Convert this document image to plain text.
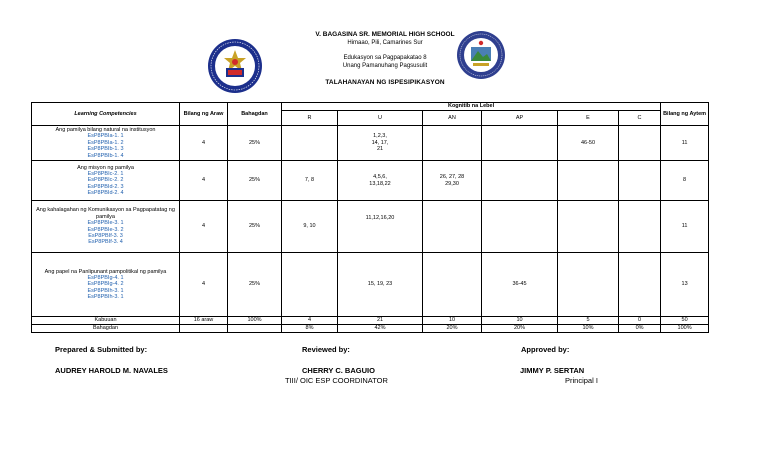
V. BAGASINA SR. MEMORIAL HIGH SCHOOL
Himaao, Pili, Camarines Sur
Edukasyon sa Pagpapakatao 8
Unang Pamanuhang Pagsusulit
TALAHANAYAN NG ISPESIPIKASYON
Learning Competencies	Bilang ng Araw	Bahagdan	Kognitib na Lebel						Bilang ng Aytem
			R	U	AN	AP	E	C	

Ang pamilya bilang natural na institusyon
EsP8PBIa-1. 1
EsP8PBIa-1. 2
EsP8PBIb-1. 3
EsP8PBIb-1. 4	4	25%		1,2,3,
14, 17,
21			46-50		11

Ang misyon ng pamilya
EsP8PBIc-2. 1
EsP8PBIc-2. 2
EsP8PBId-2. 3
EsP8PBId-2. 4	4	25%	7, 8	4,5,6,
13,18,22	26, 27, 28
29,30				8

Ang kahalagahan ng Komunikasyon sa Pagpapatatag ng pamilya
EsP8PBIe-3. 1
EsP8PBIe-3. 2
EsP8PBIf-3. 3
EsP8PBIf-3. 4	4	25%	9, 10	11,12,16,20					11

Ang papel na Panlipunant pampolitikal ng pamilya
EsP8PBIg-4. 1
EsP8PBIg-4. 2
EsP8PBIh-3. 1
EsP8PBIh-3. 1	4	25%		15, 19, 23		36-45			13
Kabuuan	16 araw	100%	4	21	10	10	5	0	50
Bahagdan			8%	42%	20%	20%	10%	0%	100%
Prepared & Submitted by:
AUDREY HAROLD M. NAVALES
Reviewed by:
CHERRY C. BAGUIO
TIII/ OIC ESP COORDINATOR
Approved by:
JIMMY P. SERTAN
Principal I
